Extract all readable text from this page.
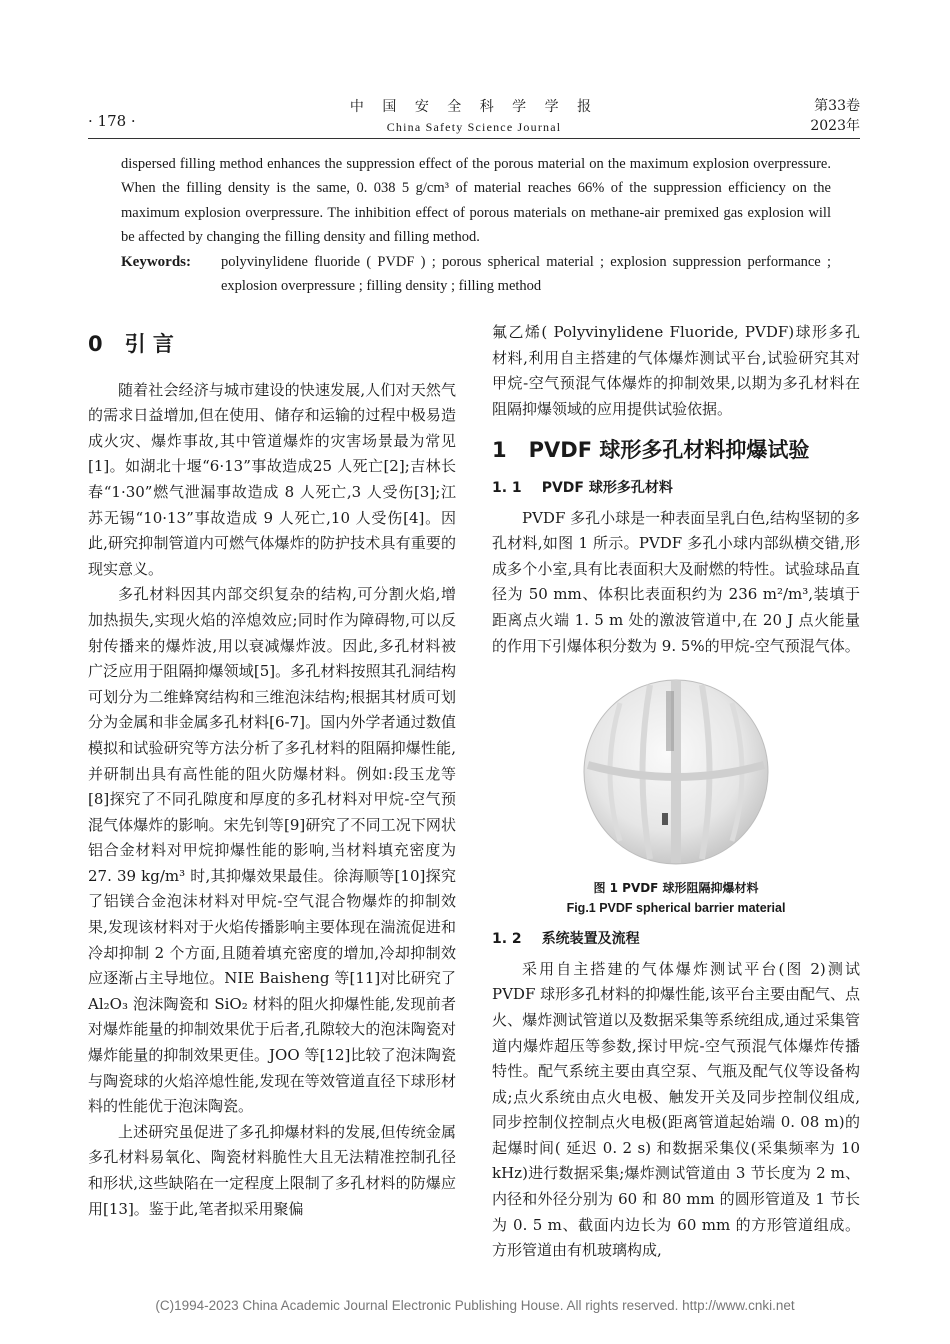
· 178 ·
中 国 安 全 科 学 学 报
China Safety Science Journal
第33卷
2023年

dispersed filling method enhances the suppression effect of the porous material on the maximum explosion overpressure. When the filling density is the same, 0. 038 5 g/cm³ of material reaches 66% of the suppression efficiency on the maximum explosion overpressure. The inhibition effect of porous materials on methane-air premixed gas explosion will be affected by changing the filling density and filling method.

Keywords:	polyvinylidene fluoride ( PVDF ) ; porous spherical material ; explosion suppression performance ; explosion overpressure ; filling density ; filling method
0 引 言

随着社会经济与城市建设的快速发展,人们对天然气的需求日益增加,但在使用、储存和运输的过程中极易造成火灾、爆炸事故,其中管道爆炸的灾害场景最为常见[1]。如湖北十堰“6·13”事故造成25 人死亡[2];吉林长春“1·30”燃气泄漏事故造成 8 人死亡,3 人受伤[3];江苏无锡“10·13”事故造成 9 人死亡,10 人受伤[4]。因此,研究抑制管道内可燃气体爆炸的防护技术具有重要的现实意义。

多孔材料因其内部交织复杂的结构,可分割火焰,增加热损失,实现火焰的淬熄效应;同时作为障碍物,可以反射传播来的爆炸波,用以衰减爆炸波。因此,多孔材料被广泛应用于阻隔抑爆领域[5]。多孔材料按照其孔洞结构可划分为二维蜂窝结构和三维泡沫结构;根据其材质可划分为金属和非金属多孔材料[6-7]。国内外学者通过数值模拟和试验研究等方法分析了多孔材料的阻隔抑爆性能,并研制出具有高性能的阻火防爆材料。例如:段玉龙等[8]探究了不同孔隙度和厚度的多孔材料对甲烷-空气预混气体爆炸的影响。宋先钊等[9]研究了不同工况下网状铝合金材料对甲烷抑爆性能的影响,当材料填充密度为 27. 39 kg/m³ 时,其抑爆效果最佳。徐海顺等[10]探究了铝镁合金泡沫材料对甲烷-空气混合物爆炸的抑制效果,发现该材料对于火焰传播影响主要体现在湍流促进和冷却抑制 2 个方面,且随着填充密度的增加,冷却抑制效应逐渐占主导地位。NIE Baisheng 等[11]对比研究了 Al₂O₃ 泡沫陶瓷和 SiO₂ 材料的阻火抑爆性能,发现前者对爆炸能量的抑制效果优于后者,孔隙较大的泡沫陶瓷对爆炸能量的抑制效果更佳。JOO 等[12]比较了泡沫陶瓷与陶瓷球的火焰淬熄性能,发现在等效管道直径下球形材料的性能优于泡沫陶瓷。

上述研究虽促进了多孔抑爆材料的发展,但传统金属多孔材料易氧化、陶瓷材料脆性大且无法精准控制孔径和形状,这些缺陷在一定程度上限制了多孔材料的防爆应用[13]。鉴于此,笔者拟采用聚偏

氟乙烯( Polyvinylidene Fluoride, PVDF)球形多孔材料,利用自主搭建的气体爆炸测试平台,试验研究其对甲烷-空气预混气体爆炸的抑制效果,以期为多孔材料在阻隔抑爆领域的应用提供试验依据。

1 PVDF 球形多孔材料抑爆试验
1. 1 PVDF 球形多孔材料

PVDF 多孔小球是一种表面呈乳白色,结构坚韧的多孔材料,如图 1 所示。PVDF 多孔小球内部纵横交错,形成多个小室,具有比表面积大及耐燃的特性。试验球品直径为 50 mm、体积比表面积约为 236 m²/m³,装填于距离点火端 1. 5 m 处的激波管道中,在 20 J 点火能量的作用下引爆体积分数为 9. 5%的甲烷-空气预混气体。

图 1 PVDF 球形阻隔抑爆材料
Fig.1 PVDF spherical barrier material
1. 2 系统装置及流程

采用自主搭建的气体爆炸测试平台(图 2)测试 PVDF 球形多孔材料的抑爆性能,该平台主要由配气、点火、爆炸测试管道以及数据采集等系统组成,通过采集管道内爆炸超压等参数,探讨甲烷-空气预混气体爆炸传播特性。配气系统主要由真空泵、气瓶及配气仪等设备构成;点火系统由点火电极、触发开关及同步控制仪组成,同步控制仪控制点火电极(距离管道起始端 0. 08 m)的起爆时间( 延迟 0. 2 s) 和数据采集仪(采集频率为 10 kHz)进行数据采集;爆炸测试管道由 3 节长度为 2 m、内径和外径分别为 60 和 80 mm 的圆形管道及 1 节长为 0. 5 m、截面内边长为 60 mm 的方形管道组成。方形管道由有机玻璃构成,

(C)1994-2023 China Academic Journal Electronic Publishing House. All rights reserved. http://www.cnki.net
